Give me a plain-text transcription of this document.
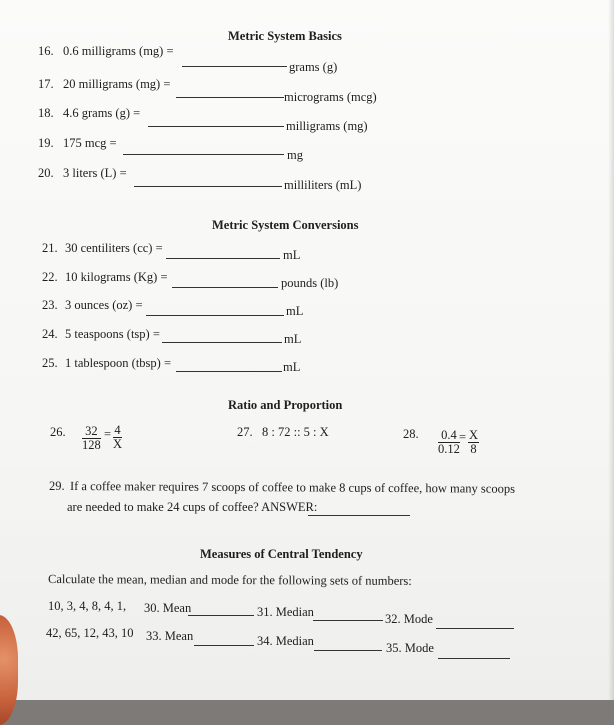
Metric System Basics
16. 0.6 milligrams (mg) =
grams (g)
17. 20 milligrams (mg) =
micrograms (mcg)
18. 4.6 grams (g) =
milligrams (mg)
19. 175 mcg =
mg
20. 3 liters (L) =
milliliters (mL)
Metric System Conversions
21. 30 centiliters (cc) =	mL
22. 10 kilograms (Kg) =	pounds (lb)
23. 3 ounces (oz) =	mL
24. 5 teaspoons (tsp) =	mL
25. 1 tablespoon (tbsp) =	mL
Ratio and Proportion
26. $\frac{32}{128} = \frac{4}{X}$	27. 8 : 72 :: 5 : X	28. $\frac{0.4}{0.12} = \frac{X}{8}$
29. If a coffee maker requires 7 scoops of coffee to make 8 cups of coffee, how many scoops
are needed to make 24 cups of coffee? ANSWER:
Measures of Central Tendency
Calculate the mean, median and mode for the following sets of numbers:
10, 3, 4, 8, 4, 1, 30. Mean	31. Median	32. Mode
42, 65, 12, 43, 10 33. Mean	34. Median	35. Mode
